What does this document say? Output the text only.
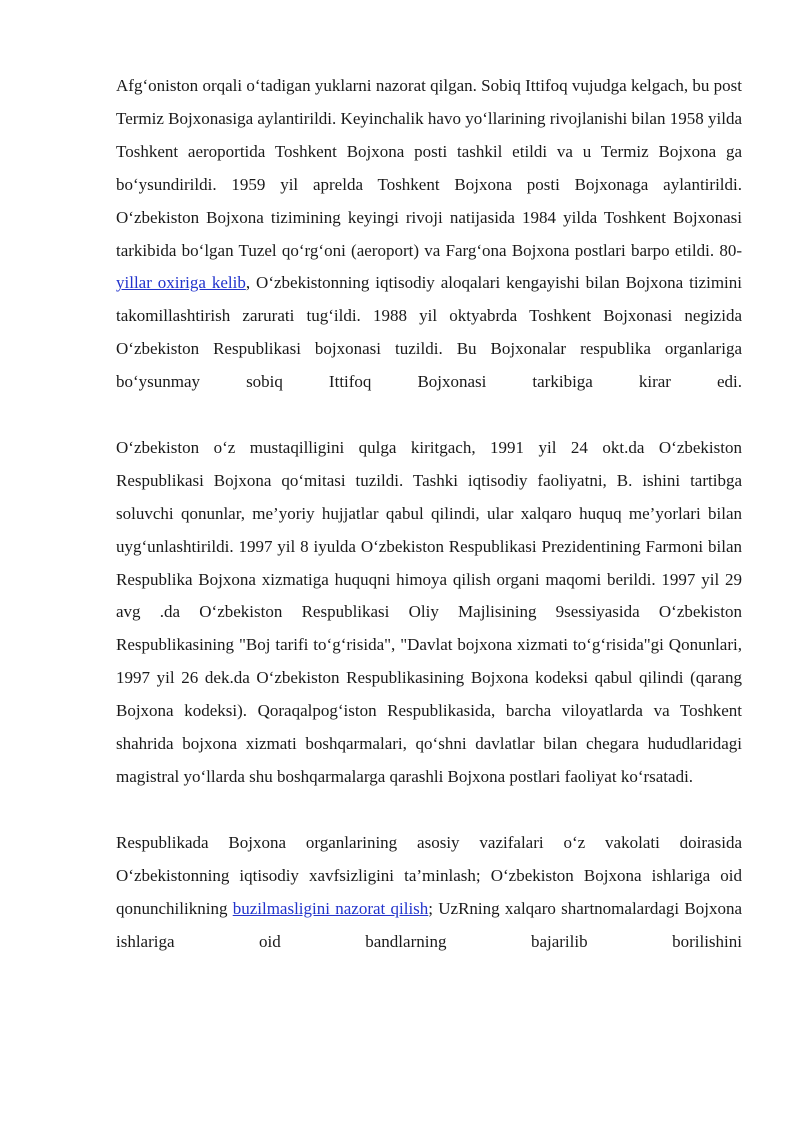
Afg‘oniston orqali o‘tadigan yuklarni nazorat qilgan. Sobiq Ittifoq vujudga kelgach, bu post Termiz Bojxonasiga aylantirildi. Keyinchalik havo yo‘llarining rivojlanishi bilan 1958 yilda Toshkent aeroportida Toshkent Bojxona posti tashkil etildi va u Termiz Bojxona ga bo‘ysundirildi. 1959 yil aprelda Toshkent Bojxona posti Bojxonaga aylantirildi. O‘zbekiston Bojxona tizimining keyingi rivoji natijasida 1984 yilda Toshkent Bojxonasi tarkibida bo‘lgan Tuzel qo‘rg‘oni (aeroport) va Farg‘ona Bojxona postlari barpo etildi. 80- yillar oxiriga kelib, O‘zbekistonning iqtisodiy aloqalari kengayishi bilan Bojxona tizimini takomillashtirish zarurati tug‘ildi. 1988 yil oktyabrda Toshkent Bojxonasi negizida O‘zbekiston Respublikasi bojxonasi tuzildi. Bu Bojxonalar respublika organlariga bo‘ysunmay sobiq Ittifoq Bojxonasi tarkibiga kirar edi.

O‘zbekiston o‘z mustaqilligini qulga kiritgach, 1991 yil 24 okt.da O‘zbekiston Respublikasi Bojxona qo‘mitasi tuzildi. Tashki iqtisodiy faoliyatni, B. ishini tartibga soluvchi qonunlar, me’yoriy hujjatlar qabul qilindi, ular xalqaro huquq me’yorlari bilan uyg‘unlashtirildi. 1997 yil 8 iyulda O‘zbekiston Respublikasi Prezidentining Farmoni bilan Respublika Bojxona xizmatiga huquqni himoya qilish organi maqomi berildi. 1997 yil 29 avg .da O‘zbekiston Respublikasi Oliy Majlisining 9sessiyasida O‘zbekiston Respublikasining "Boj tarifi to‘g‘risida", "Davlat bojxona xizmati to‘g‘risida"gi Qonunlari, 1997 yil 26 dek.da O‘zbekiston Respublikasining Bojxona kodeksi qabul qilindi (qarang Bojxona kodeksi). Qoraqalpog‘iston Respublikasida, barcha viloyatlarda va Toshkent shahrida bojxona xizmati boshqarmalari, qo‘shni davlatlar bilan chegara hududlaridagi magistral yo‘llarda shu boshqarmalarga qarashli Bojxona postlari faoliyat ko‘rsatadi.

Respublikada Bojxona organlarining asosiy vazifalari o‘z vakolati doirasida O‘zbekistonning iqtisodiy xavfsizligini ta’minlash; O‘zbekiston Bojxona ishlariga oid qonunchilikning buzilmasligini nazorat qilish; UzRning xalqaro shartnomalardagi Bojxona ishlariga oid bandlarning bajarilib borilishini
